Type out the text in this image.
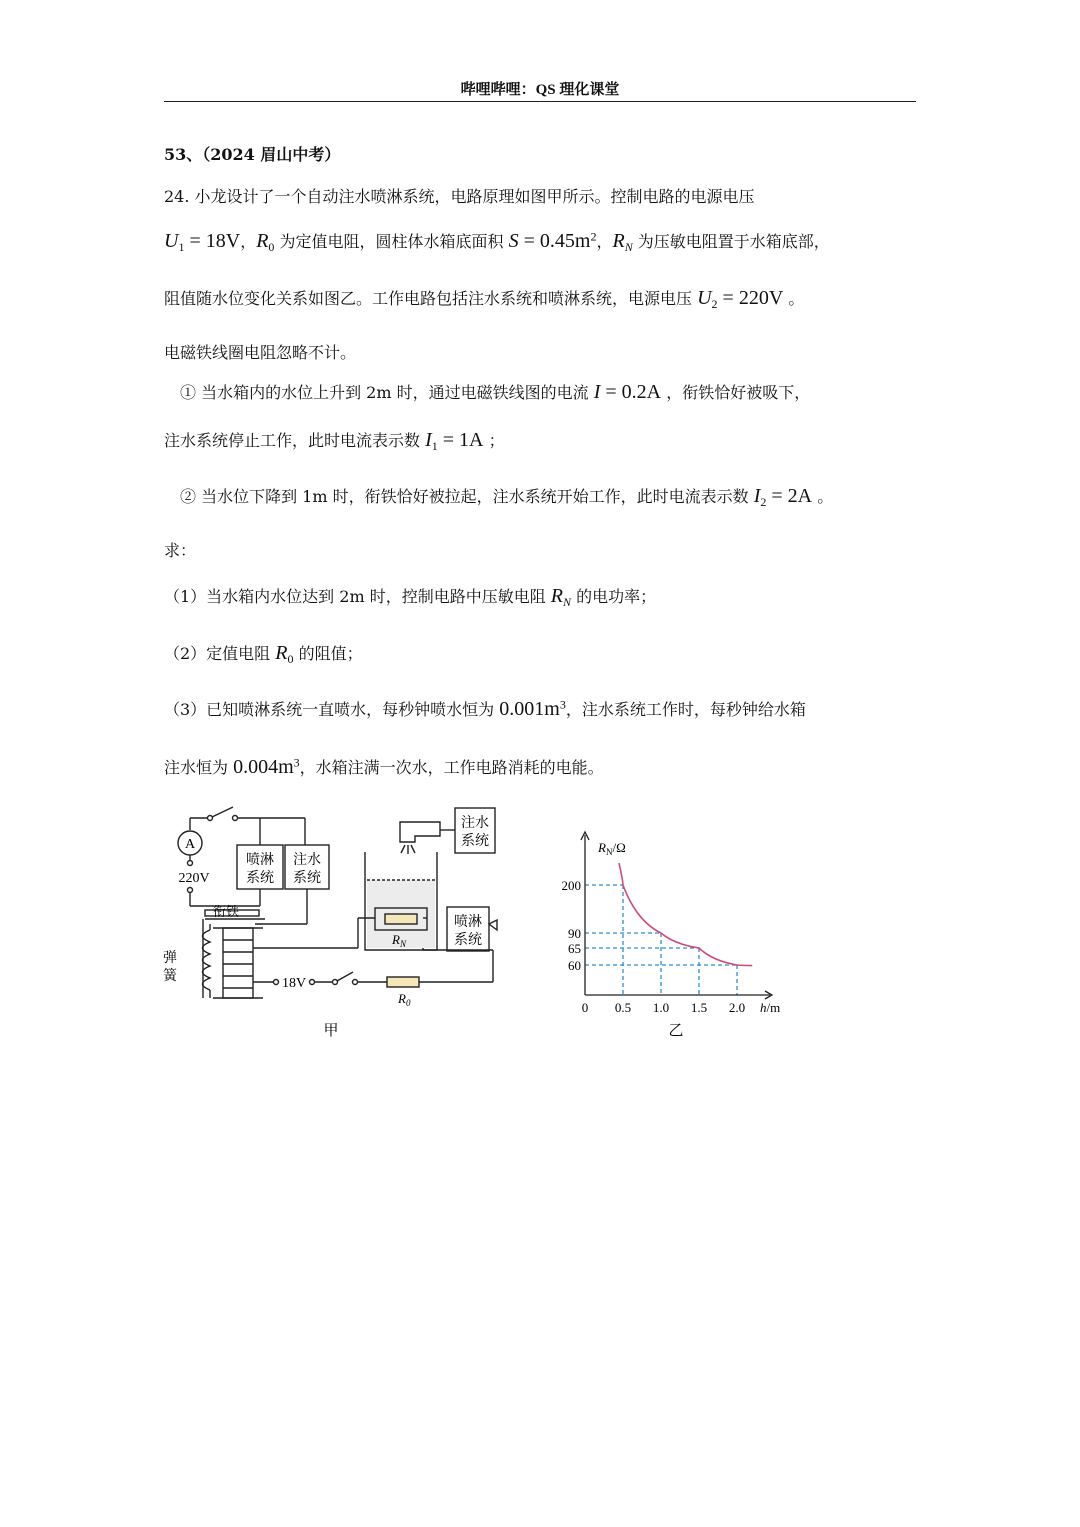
哔哩哔哩：QS 理化课堂
53、（2024 眉山中考）
24. 小龙设计了一个自动注水喷淋系统，电路原理如图甲所示。控制电路的电源电压
$U_1 = 18V$，$R_0$ 为定值电阻，圆柱体水箱底面积 $S = 0.45m^2$，$R_N$ 为压敏电阻置于水箱底部，
阻值随水位变化关系如图乙。工作电路包括注水系统和喷淋系统，电源电压 $U_2 = 220V$ 。
电磁铁线圈电阻忽略不计。
① 当水箱内的水位上升到 2m 时，通过电磁铁线图的电流 I = 0.2A ，衔铁恰好被吸下，
注水系统停止工作，此时电流表示数 $I_1 = 1A$ ；
② 当水位下降到 1m 时，衔铁恰好被拉起，注水系统开始工作，此时电流表示数 $I_2 = 2A$ 。
求：
（1）当水箱内水位达到 2m 时，控制电路中压敏电阻 $R_N$ 的电功率；
（2）定值电阻 $R_0$ 的阻值；
（3）已知喷淋系统一直喷水，每秒钟喷水恒为 $0.001m^3$，注水系统工作时，每秒钟给水箱
注水恒为 $0.004m^3$，水箱注满一次水，工作电路消耗的电能。
A
220V
喷淋
系统
注水
系统
衔铁
弹
簧	18V
$R_0$
$R_N$
注水
系统
喷淋
系统
甲
0.5 1.0 1.5 2.0
200
90
65
60
$R_N/\Omega$
h/m
0
乙
